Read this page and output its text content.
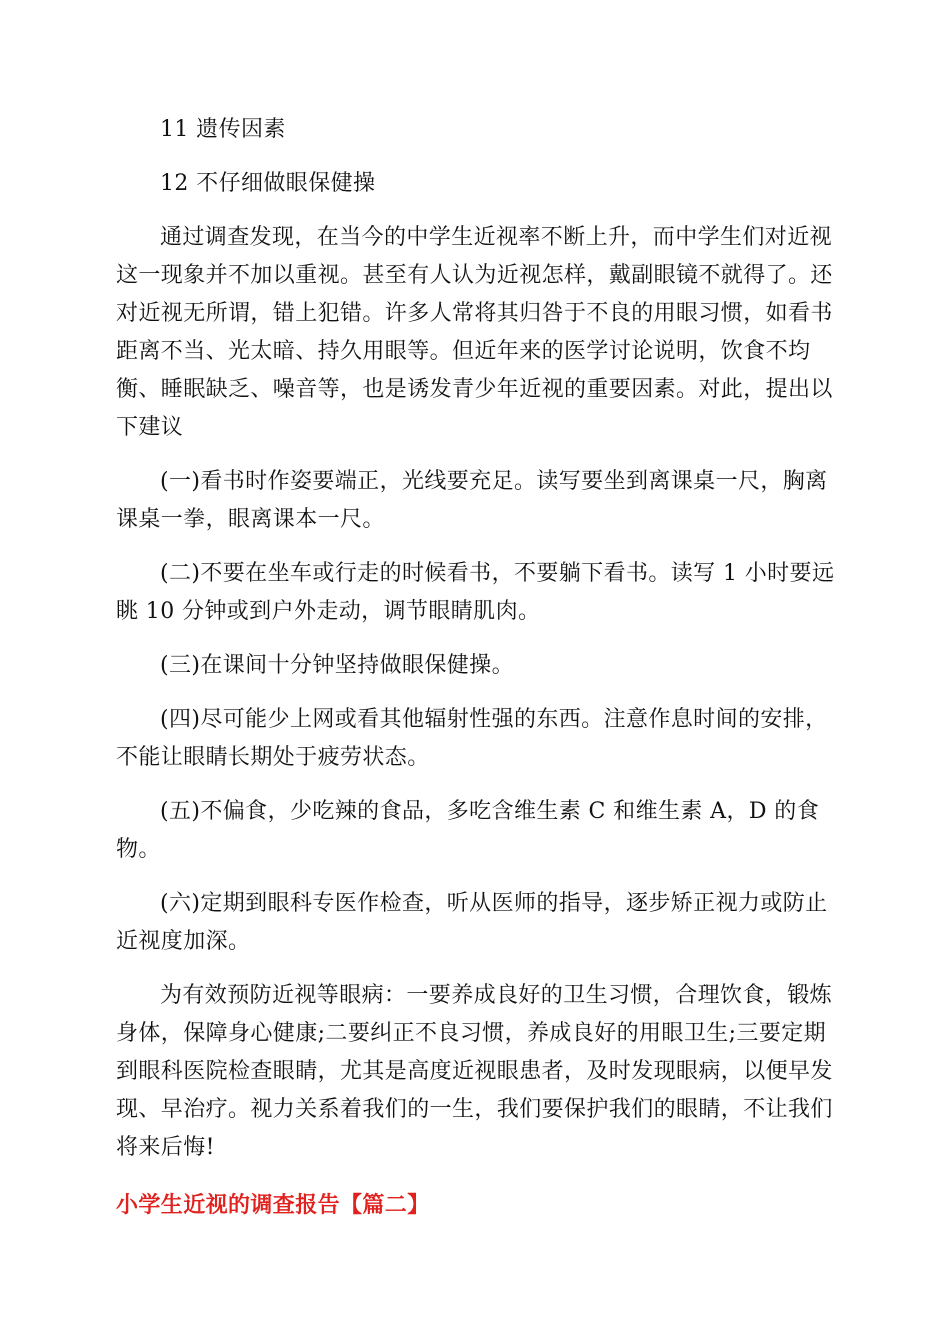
11 遗传因素
12 不仔细做眼保健操
通过调查发现，在当今的中学生近视率不断上升，而中学生们对近视
这一现象并不加以重视。甚至有人认为近视怎样，戴副眼镜不就得了。还
对近视无所谓，错上犯错。许多人常将其归咎于不良的用眼习惯，如看书
距离不当、光太暗、持久用眼等。但近年来的医学讨论说明，饮食不均
衡、睡眠缺乏、噪音等，也是诱发青少年近视的重要因素。对此，提出以
下建议
(一)看书时作姿要端正，光线要充足。读写要坐到离课桌一尺，胸离
课桌一拳，眼离课本一尺。
(二)不要在坐车或行走的时候看书，不要躺下看书。读写 1 小时要远
眺 10 分钟或到户外走动，调节眼睛肌肉。
(三)在课间十分钟坚持做眼保健操。
(四)尽可能少上网或看其他辐射性强的东西。注意作息时间的安排，
不能让眼睛长期处于疲劳状态。
(五)不偏食，少吃辣的食品，多吃含维生素 C 和维生素 A，D 的食
物。
(六)定期到眼科专医作检查，听从医师的指导，逐步矫正视力或防止
近视度加深。
为有效预防近视等眼病：一要养成良好的卫生习惯，合理饮食，锻炼
身体，保障身心健康;二要纠正不良习惯，养成良好的用眼卫生;三要定期
到眼科医院检查眼睛，尤其是高度近视眼患者，及时发现眼病，以便早发
现、早治疗。视力关系着我们的一生，我们要保护我们的眼睛，不让我们
将来后悔!
小学生近视的调查报告【篇二】
